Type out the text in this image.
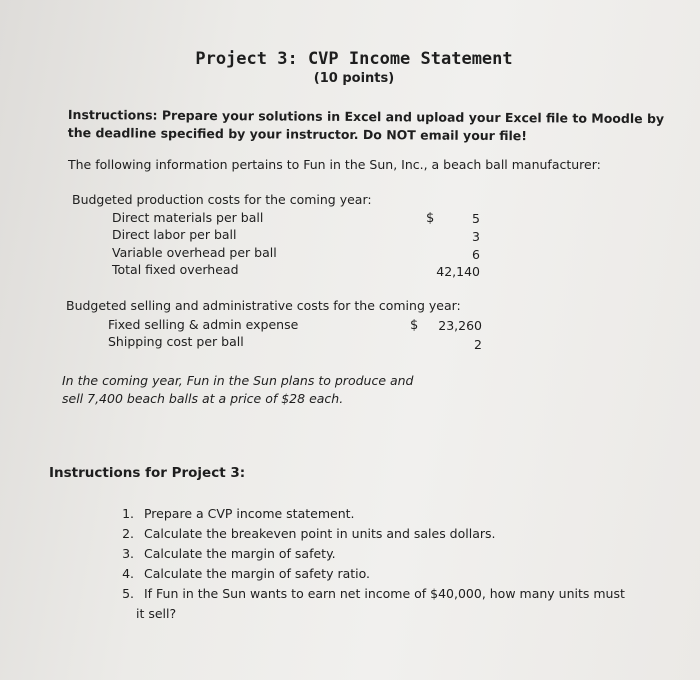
Project 3: CVP Income Statement
(10 points)
Instructions: Prepare your solutions in Excel and upload your Excel file to Moodle by
the deadline specified by your instructor. Do NOT email your file!
The following information pertains to Fun in the Sun, Inc., a beach ball manufacturer:
Budgeted production costs for the coming year:
Direct materials per ball	$	5
Direct labor per ball	3
Variable overhead per ball	6
Total fixed overhead	42,140
Budgeted selling and administrative costs for the coming year:
Fixed selling & admin expense	$	23,260
Shipping cost per ball	2
In the coming year, Fun in the Sun plans to produce and
sell 7,400 beach balls at a price of $28 each.
Instructions for Project 3:
1. Prepare a CVP income statement.
2. Calculate the breakeven point in units and sales dollars.
3. Calculate the margin of safety.
4. Calculate the margin of safety ratio.
5. If Fun in the Sun wants to earn net income of $40,000, how many units must
it sell?
